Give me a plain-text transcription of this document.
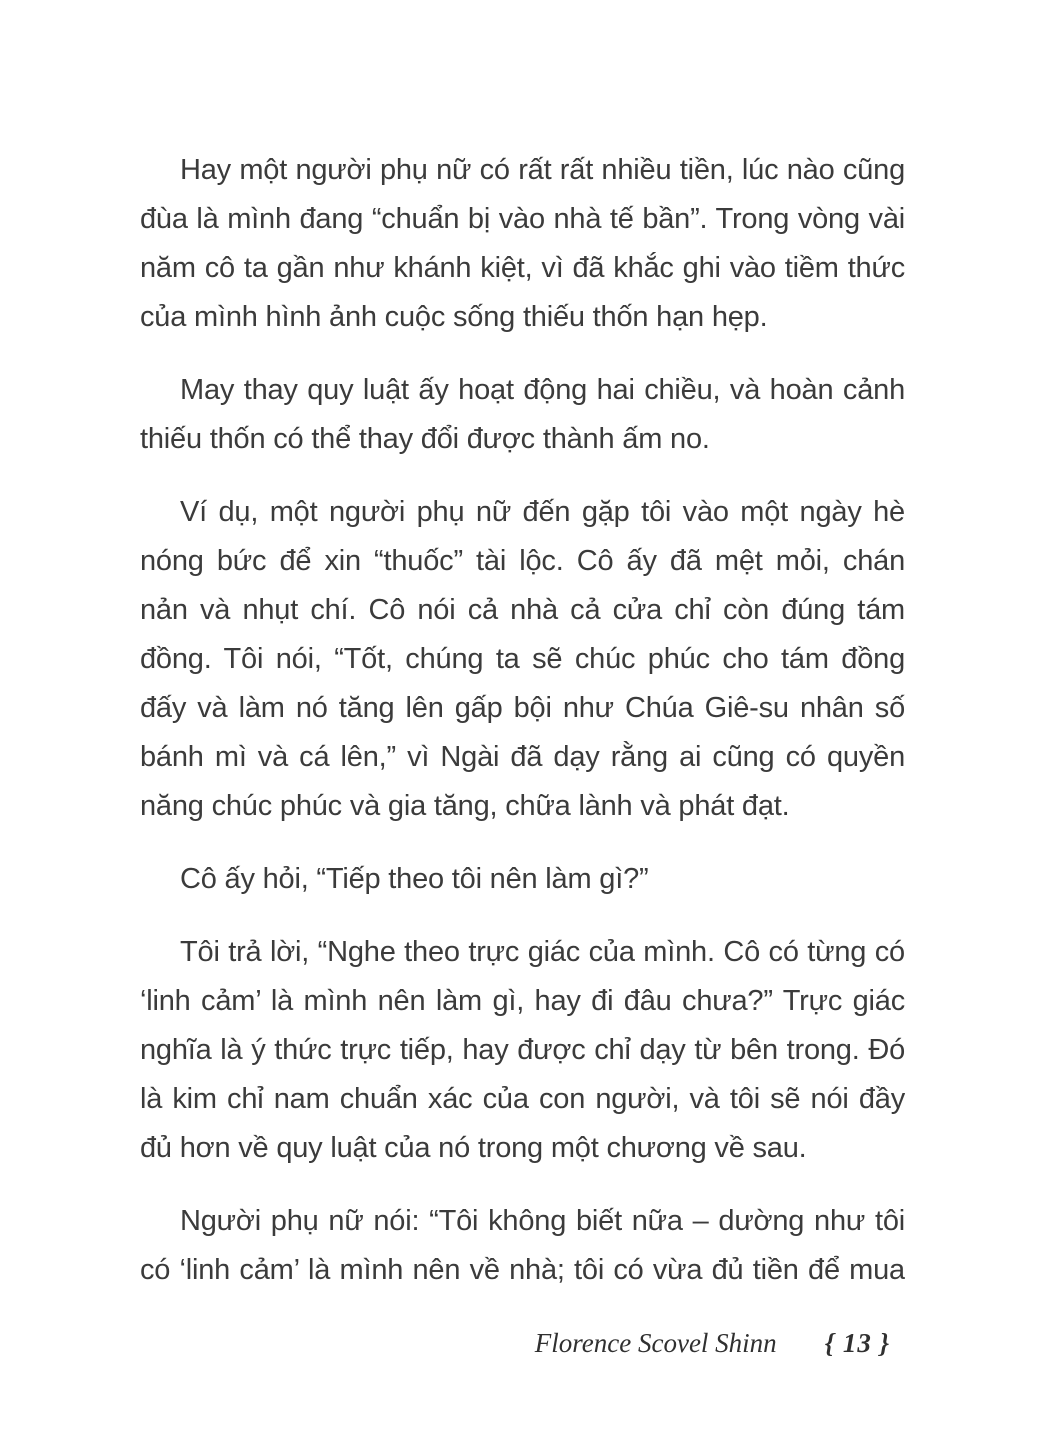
Hay một người phụ nữ có rất rất nhiều tiền, lúc nào cũng
đùa là mình đang “chuẩn bị vào nhà tế bần”. Trong vòng vài
năm cô ta gần như khánh kiệt, vì đã khắc ghi vào tiềm thức
của mình hình ảnh cuộc sống thiếu thốn hạn hẹp.
May thay quy luật ấy hoạt động hai chiều, và hoàn cảnh
thiếu thốn có thể thay đổi được thành ấm no.
Ví dụ, một người phụ nữ đến gặp tôi vào một ngày hè
nóng bức để xin “thuốc” tài lộc. Cô ấy đã mệt mỏi, chán
nản và nhụt chí. Cô nói cả nhà cả cửa chỉ còn đúng tám
đồng. Tôi nói, “Tốt, chúng ta sẽ chúc phúc cho tám đồng
đấy và làm nó tăng lên gấp bội như Chúa Giê-su nhân số
bánh mì và cá lên,” vì Ngài đã dạy rằng ai cũng có quyền
năng chúc phúc và gia tăng, chữa lành và phát đạt.
Cô ấy hỏi, “Tiếp theo tôi nên làm gì?”
Tôi trả lời, “Nghe theo trực giác của mình. Cô có từng có
‘linh cảm’ là mình nên làm gì, hay đi đâu chưa?” Trực giác
nghĩa là ý thức trực tiếp, hay được chỉ dạy từ bên trong. Đó
là kim chỉ nam chuẩn xác của con người, và tôi sẽ nói đầy
đủ hơn về quy luật của nó trong một chương về sau.
Người phụ nữ nói: “Tôi không biết nữa – dường như tôi
có ‘linh cảm’ là mình nên về nhà; tôi có vừa đủ tiền để mua
Florence Scovel Shinn { 13 }
